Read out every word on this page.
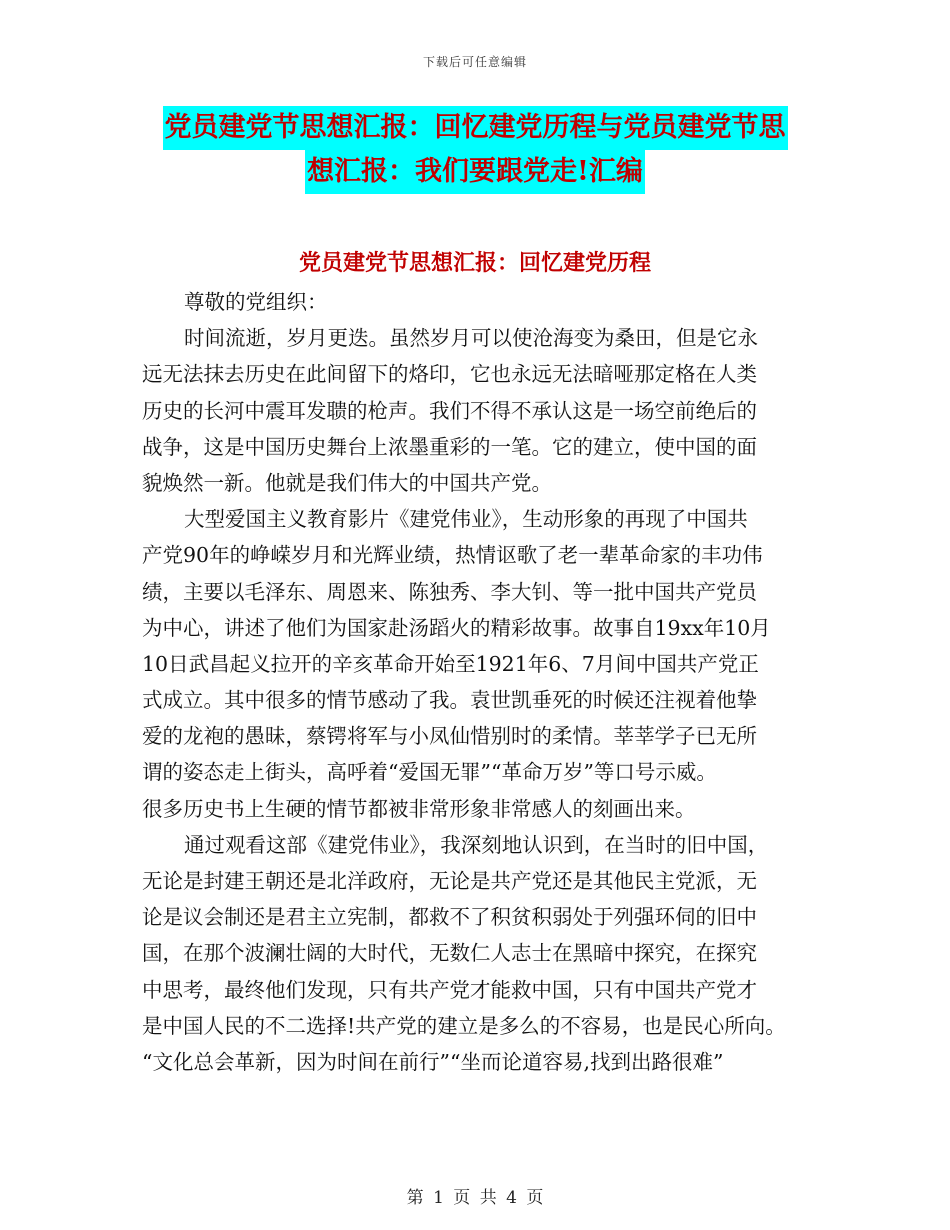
下载后可任意编辑
党员建党节思想汇报：回忆建党历程与党员建党节思
想汇报：我们要跟党走!汇编
党员建党节思想汇报：回忆建党历程
尊敬的党组织：
时间流逝，岁月更迭。虽然岁月可以使沧海变为桑田，但是它永
远无法抹去历史在此间留下的烙印，它也永远无法暗哑那定格在人类
历史的长河中震耳发聩的枪声。我们不得不承认这是一场空前绝后的
战争，这是中国历史舞台上浓墨重彩的一笔。它的建立，使中国的面
貌焕然一新。他就是我们伟大的中国共产党。
大型爱国主义教育影片《建党伟业》，生动形象的再现了中国共
产党90年的峥嵘岁月和光辉业绩，热情讴歌了老一辈革命家的丰功伟
绩，主要以毛泽东、周恩来、陈独秀、李大钊、等一批中国共产党员
为中心，讲述了他们为国家赴汤蹈火的精彩故事。故事自19xx年10月
10日武昌起义拉开的辛亥革命开始至1921年6、7月间中国共产党正
式成立。其中很多的情节感动了我。袁世凯垂死的时候还注视着他挚
爱的龙袍的愚昧，蔡锷将军与小凤仙惜别时的柔情。莘莘学子已无所
谓的姿态走上街头，高呼着“爱国无罪”“革命万岁”等口号示威。
很多历史书上生硬的情节都被非常形象非常感人的刻画出来。
通过观看这部《建党伟业》，我深刻地认识到，在当时的旧中国，
无论是封建王朝还是北洋政府，无论是共产党还是其他民主党派，无
论是议会制还是君主立宪制，都救不了积贫积弱处于列强环伺的旧中
国，在那个波澜壮阔的大时代，无数仁人志士在黑暗中探究，在探究
中思考，最终他们发现，只有共产党才能救中国，只有中国共产党才
是中国人民的不二选择!共产党的建立是多么的不容易，也是民心所向。
“文化总会革新，因为时间在前行”“坐而论道容易,找到出路很难”
第 1 页 共 4 页
